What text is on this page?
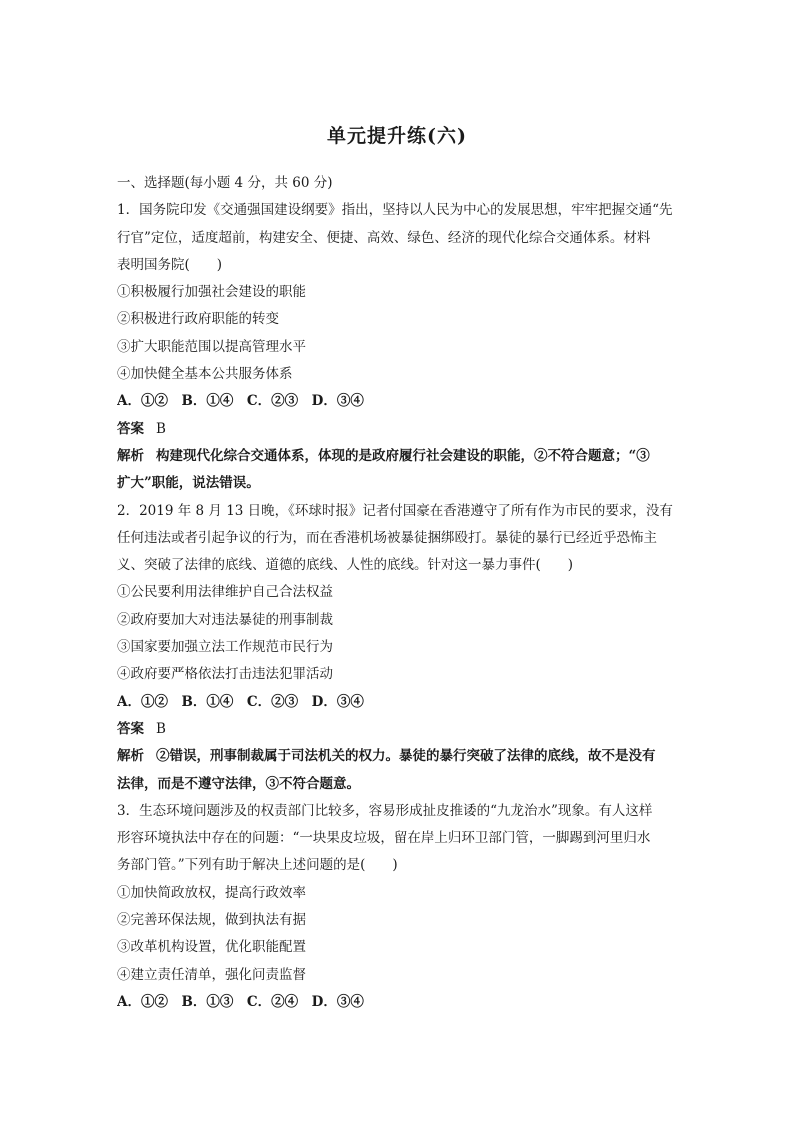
单元提升练(六)
一、选择题(每小题 4 分，共 60 分)
1．国务院印发《交通强国建设纲要》指出，坚持以人民为中心的发展思想，牢牢把握交通“先
行官”定位，适度超前，构建安全、便捷、高效、绿色、经济的现代化综合交通体系。材料
表明国务院(　　)
①积极履行加强社会建设的职能
②积极进行政府职能的转变
③扩大职能范围以提高管理水平
④加快健全基本公共服务体系
A．①②　B．①④　C．②③　D．③④
答案 B
解析 构建现代化综合交通体系，体现的是政府履行社会建设的职能，②不符合题意；“③
扩大”职能，说法错误。
2．2019 年 8 月 13 日晚，《环球时报》记者付国豪在香港遵守了所有作为市民的要求，没有
任何违法或者引起争议的行为，而在香港机场被暴徒捆绑殴打。暴徒的暴行已经近乎恐怖主
义、突破了法律的底线、道德的底线、人性的底线。针对这一暴力事件(　　)
①公民要利用法律维护自己合法权益
②政府要加大对违法暴徒的刑事制裁
③国家要加强立法工作规范市民行为
④政府要严格依法打击违法犯罪活动
A．①②　B．①④　C．②③　D．③④
答案 B
解析 ②错误，刑事制裁属于司法机关的权力。暴徒的暴行突破了法律的底线，故不是没有
法律，而是不遵守法律，③不符合题意。
3．生态环境问题涉及的权责部门比较多，容易形成扯皮推诿的“九龙治水”现象。有人这样
形容环境执法中存在的问题：“一块果皮垃圾，留在岸上归环卫部门管，一脚踢到河里归水
务部门管。”下列有助于解决上述问题的是(　　)
①加快简政放权，提高行政效率
②完善环保法规，做到执法有据
③改革机构设置，优化职能配置
④建立责任清单，强化问责监督
A．①②　B．①③　C．②④　D．③④
